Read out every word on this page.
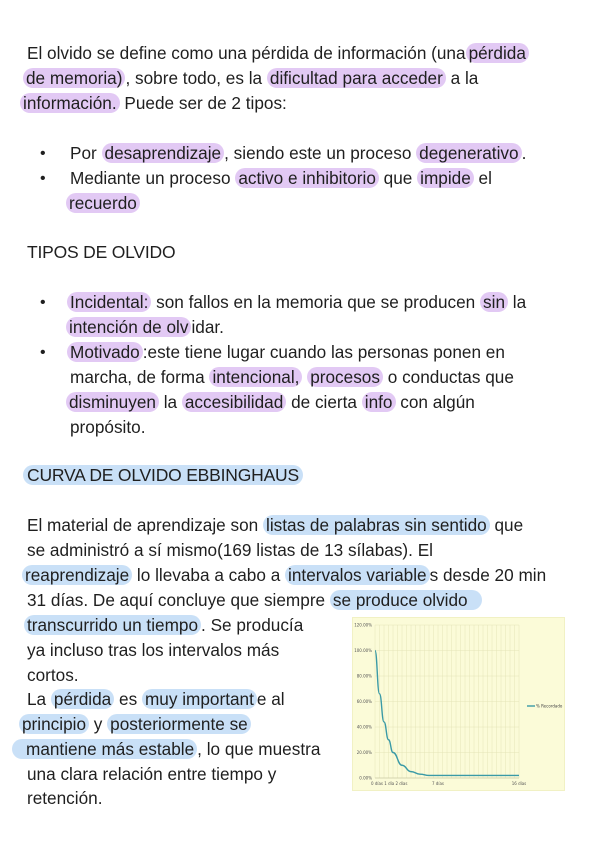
El olvido se define como una pérdida de información (una pérdida

de memoria) , sobre todo, es la dificultad para acceder a la

información. Puede ser de 2 tipos:

• Por desaprendizaje , siendo este un proceso degenerativo .

• Mediante un proceso activo e inhibitorio que impide el

recuerdo

TIPOS DE OLVIDO
• Incidental: son fallos en la memoria que se producen sin la

intención de olv idar.

• Motivado :este tiene lugar cuando las personas ponen en

marcha, de forma intencional, procesos o conductas que

disminuyen la accesibilidad de cierta info con algún

propósito.

CURVA DE OLVIDO EBBINGHAUS

El material de aprendizaje son listas de palabras sin sentido que

se administró a sí mismo(169 listas de 13 sílabas). El

reaprendizaje lo llevaba a cabo a intervalos variable s desde 20 min

31 días. De aquí concluye que siempre se produce olvido

transcurrido un tiempo . Se producía

ya incluso tras los intervalos más

cortos.

La pérdida es muy important e al

principio y posteriormente se

mantiene más estable , lo que muestra

una clara relación entre tiempo y

retención.

0.00%
20.00%
40.00%
60.00%
80.00%
100.00%
120.00%
0 días 1 día 2 días	7 días	16 días
% Recordado
